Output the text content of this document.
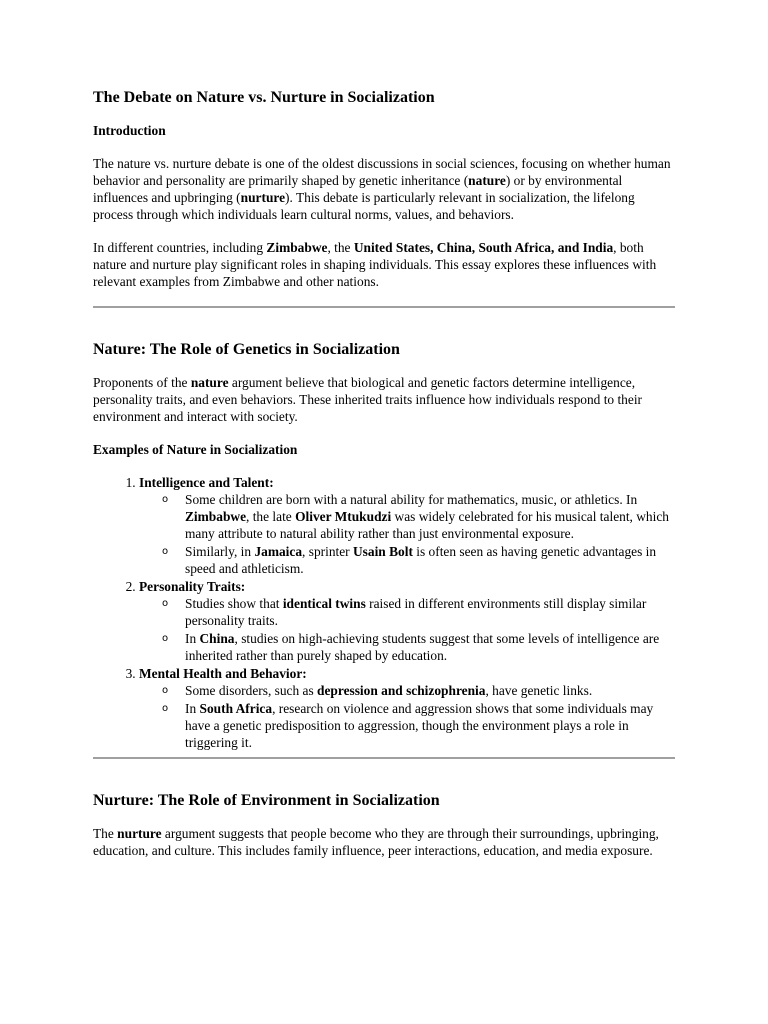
The Debate on Nature vs. Nurture in Socialization
Introduction

The nature vs. nurture debate is one of the oldest discussions in social sciences, focusing on whether human behavior and personality are primarily shaped by genetic inheritance (nature) or by environmental influences and upbringing (nurture). This debate is particularly relevant in socialization, the lifelong process through which individuals learn cultural norms, values, and behaviors.

In different countries, including Zimbabwe, the United States, China, South Africa, and India, both nature and nurture play significant roles in shaping individuals. This essay explores these influences with relevant examples from Zimbabwe and other nations.

Nature: The Role of Genetics in Socialization

Proponents of the nature argument believe that biological and genetic factors determine intelligence, personality traits, and even behaviors. These inherited traits influence how individuals respond to their environment and interact with society.

Examples of Nature in Socialization
1. Intelligence and Talent:
o Some children are born with a natural ability for mathematics, music, or athletics. In Zimbabwe, the late Oliver Mtukudzi was widely celebrated for his musical talent, which many attribute to natural ability rather than just environmental exposure.
o Similarly, in Jamaica, sprinter Usain Bolt is often seen as having genetic advantages in speed and athleticism.
2. Personality Traits:
o Studies show that identical twins raised in different environments still display similar personality traits.
o In China, studies on high-achieving students suggest that some levels of intelligence are inherited rather than purely shaped by education.
3. Mental Health and Behavior:
o Some disorders, such as depression and schizophrenia, have genetic links.
o In South Africa, research on violence and aggression shows that some individuals may have a genetic predisposition to aggression, though the environment plays a role in triggering it.
Nurture: The Role of Environment in Socialization

The nurture argument suggests that people become who they are through their surroundings, upbringing, education, and culture. This includes family influence, peer interactions, education, and media exposure.
